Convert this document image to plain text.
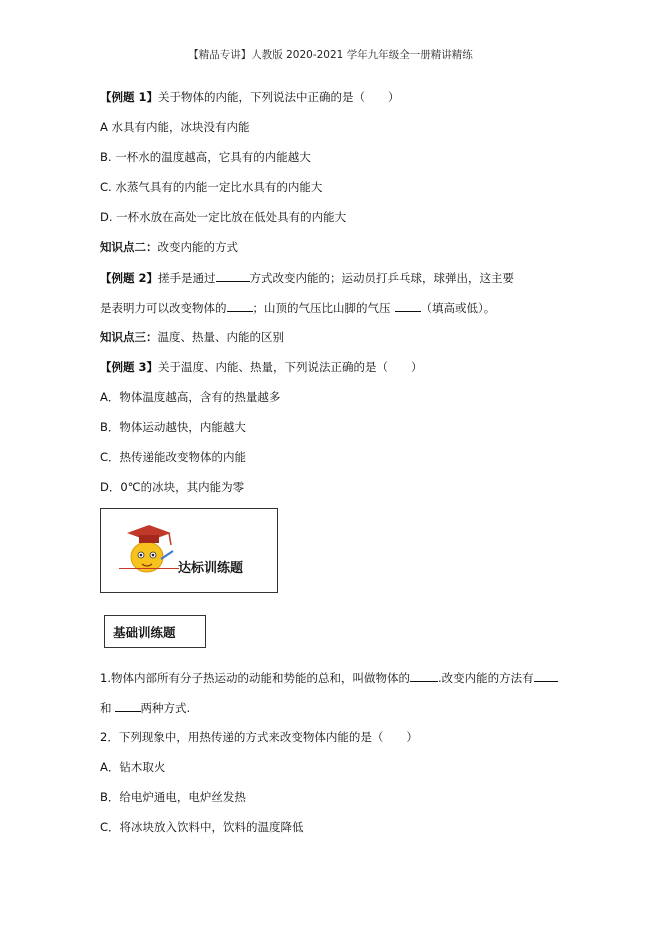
【精品专讲】人教版 2020-2021 学年九年级全一册精讲精练
【例题 1】关于物体的内能，下列说法中正确的是（　　）
A 水具有内能，冰块没有内能
B. 一杯水的温度越高，它具有的内能越大
C. 水蒸气具有的内能一定比水具有的内能大
D. 一杯水放在高处一定比放在低处具有的内能大
知识点二：改变内能的方式
【例题 2】搓手是通过	方式改变内能的；运动员打乒乓球，球弹出，这主要
是表明力可以改变物体的 ；山顶的气压比山脚的气压	（填高或低）。
知识点三：温度、热量、内能的区别
【例题 3】关于温度、内能、热量，下列说法正确的是（　　）
A．物体温度越高，含有的热量越多
B．物体运动越快，内能越大
C．热传递能改变物体的内能
D．0℃的冰块，其内能为零
达标训练题
基础训练题
1.物体内部所有分子热运动的动能和势能的总和，叫做物体的 .改变内能的方法有
和	两种方式.
2．下列现象中，用热传递的方式来改变物体内能的是（　　）
A．钻木取火
B．给电炉通电，电炉丝发热
C．将冰块放入饮料中，饮料的温度降低
